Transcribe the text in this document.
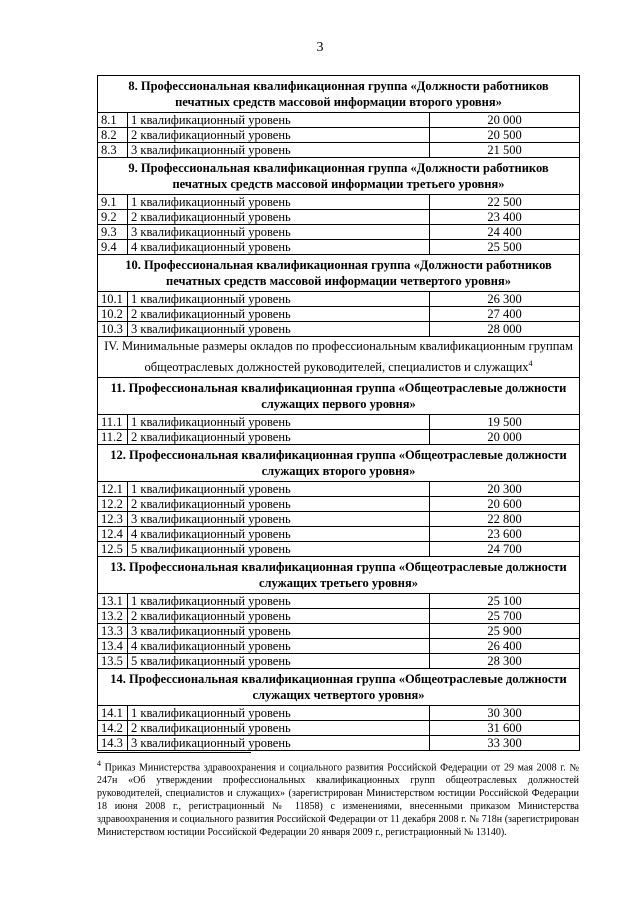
3
8. Профессиональная квалификационная группа «Должности работников печатных средств массовой информации второго уровня»		
8.1	1 квалификационный уровень	20 000
8.2	2 квалификационный уровень	20 500
8.3	3 квалификационный уровень	21 500
9. Профессиональная квалификационная группа «Должности работников печатных средств массовой информации третьего уровня»		
9.1	1 квалификационный уровень	22 500
9.2	2 квалификационный уровень	23 400
9.3	3 квалификационный уровень	24 400
9.4	4 квалификационный уровень	25 500
10. Профессиональная квалификационная группа «Должности работников печатных средств массовой информации четвертого уровня»		
10.1	1 квалификационный уровень	26 300
10.2	2 квалификационный уровень	27 400
10.3	3 квалификационный уровень	28 000
IV. Минимальные размеры окладов по профессиональным квалификационным группам общеотраслевых должностей руководителей, специалистов и служащих$^4$
11. Профессиональная квалификационная группа «Общеотраслевые должности служащих первого уровня»		
11.1	1 квалификационный уровень	19 500
11.2	2 квалификационный уровень	20 000
12. Профессиональная квалификационная группа «Общеотраслевые должности служащих второго уровня»		
12.1	1 квалификационный уровень	20 300
12.2	2 квалификационный уровень	20 600
12.3	3 квалификационный уровень	22 800
12.4	4 квалификационный уровень	23 600
12.5	5 квалификационный уровень	24 700
13. Профессиональная квалификационная группа «Общеотраслевые должности служащих третьего уровня»		
13.1	1 квалификационный уровень	25 100
13.2	2 квалификационный уровень	25 700
13.3	3 квалификационный уровень	25 900
13.4	4 квалификационный уровень	26 400
13.5	5 квалификационный уровень	28 300
14. Профессиональная квалификационная группа «Общеотраслевые должности служащих четвертого уровня»		
14.1	1 квалификационный уровень	30 300
14.2	2 квалификационный уровень	31 600
14.3	3 квалификационный уровень	33 300
$^4$ Приказ Министерства здравоохранения и социального развития Российской Федерации от 29 мая 2008 г. № 247н «Об утверждении профессиональных квалификационных групп общеотраслевых должностей руководителей, специалистов и служащих» (зарегистрирован Министерством юстиции Российской Федерации 18 июня 2008 г., регистрационный № 11858) с изменениями, внесенными приказом Министерства здравоохранения и социального развития Российской Федерации от 11 декабря 2008 г. № 718н (зарегистрирован Министерством юстиции Российской Федерации 20 января 2009 г., регистрационный № 13140).
